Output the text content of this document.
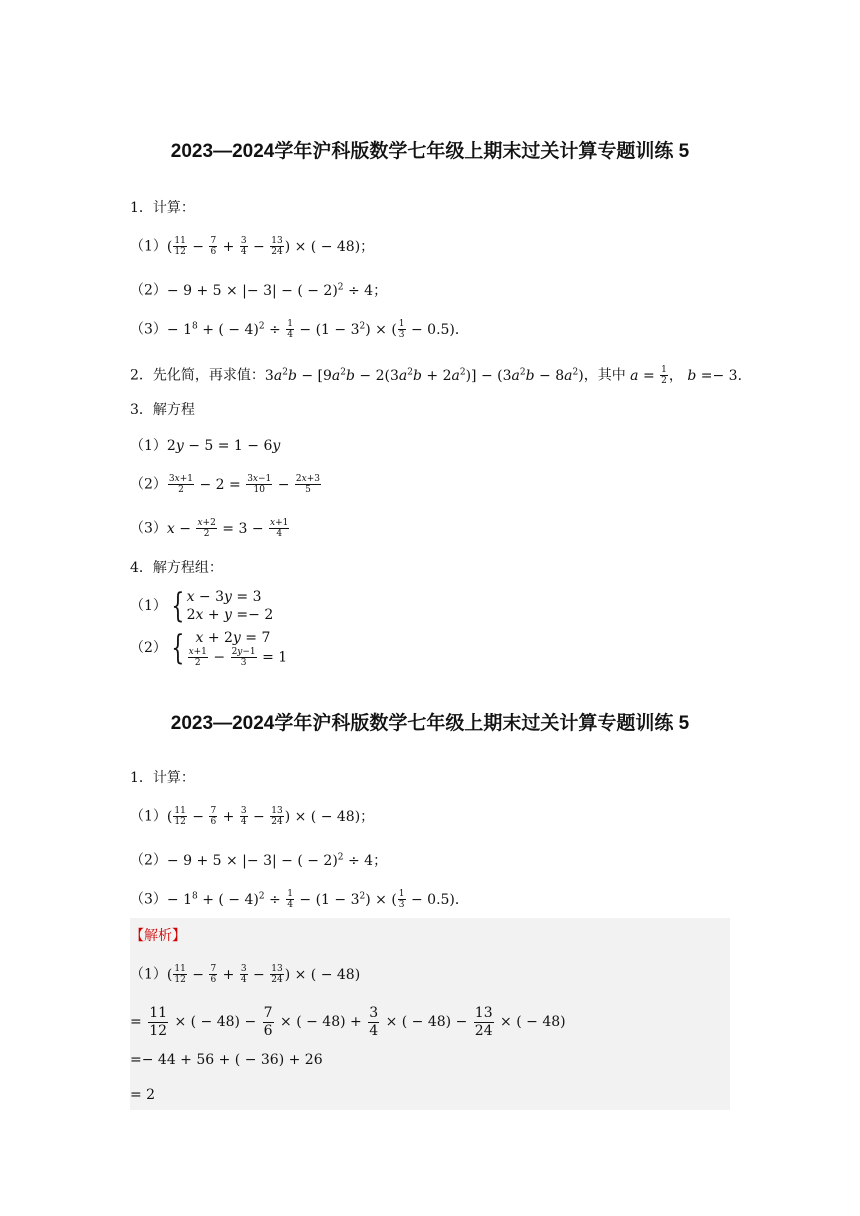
2023—2024学年沪科版数学七年级上期末过关计算专题训练 5
1．计算：
$(1)( \frac{11}{12} - \frac{7}{6} + \frac{3}{4} - \frac{13}{24}$ ) × ( − 48)；
（2）− 9 + 5 × |− 3| − ( − 2)$^2$ ÷ 4；
$(3)- 1^8$ + ( − $4)^2 \div \frac{1}{4} - (1 - 3^2)$ × ( $\frac{1}{3} - 0.5$)．
2．先化简，再求值：$3a^2b - [9a^2b - 2(3a^2b + 2a^2)] - (3a^2b - 8a^2)$，其中 $a = \frac{1}{2}$ ， b =− 3．
3．解方程
（1）2y − 5 = 1 − 6y
$(2) \frac{3x+1}{2} - 2 = \frac{3x-1}{10} - \frac{2x+3}{5}$
$(3)x - \frac{x+2}{2} = 3 - \frac{x+1}{4}$
4．解方程组：
（1） { x − 3y = 3
2x + y =− 2
（2） { x + 2y = 7
$\frac{x+1}{2} - \frac{2y-1}{3} = 1$
2023—2024学年沪科版数学七年级上期末过关计算专题训练 5
1．计算：
$(1)( \frac{11}{12} - \frac{7}{6} + \frac{3}{4} - \frac{13}{24}$ ) × ( − 48)；
（2）− 9 + 5 × |− 3| − ( − 2)$^2$ ÷ 4；
$(3)- 1^8$ + ( − $4)^2 \div \frac{1}{4} - (1 - 3^2)$ × ( $\frac{1}{3} - 0.5$)．
【解析】
$(1)( \frac{11}{12} - \frac{7}{6} + \frac{3}{4} - \frac{13}{24}$ ) × ( − 48)
= $\frac{11}{12}$ × ( − $48) - \frac{7}{6}$ × ( − $48) + \frac{3}{4}$ × ( − $48) - \frac{13}{24}$ × ( − 48)
=− 44 + 56 + ( − 36) + 26
= 2
